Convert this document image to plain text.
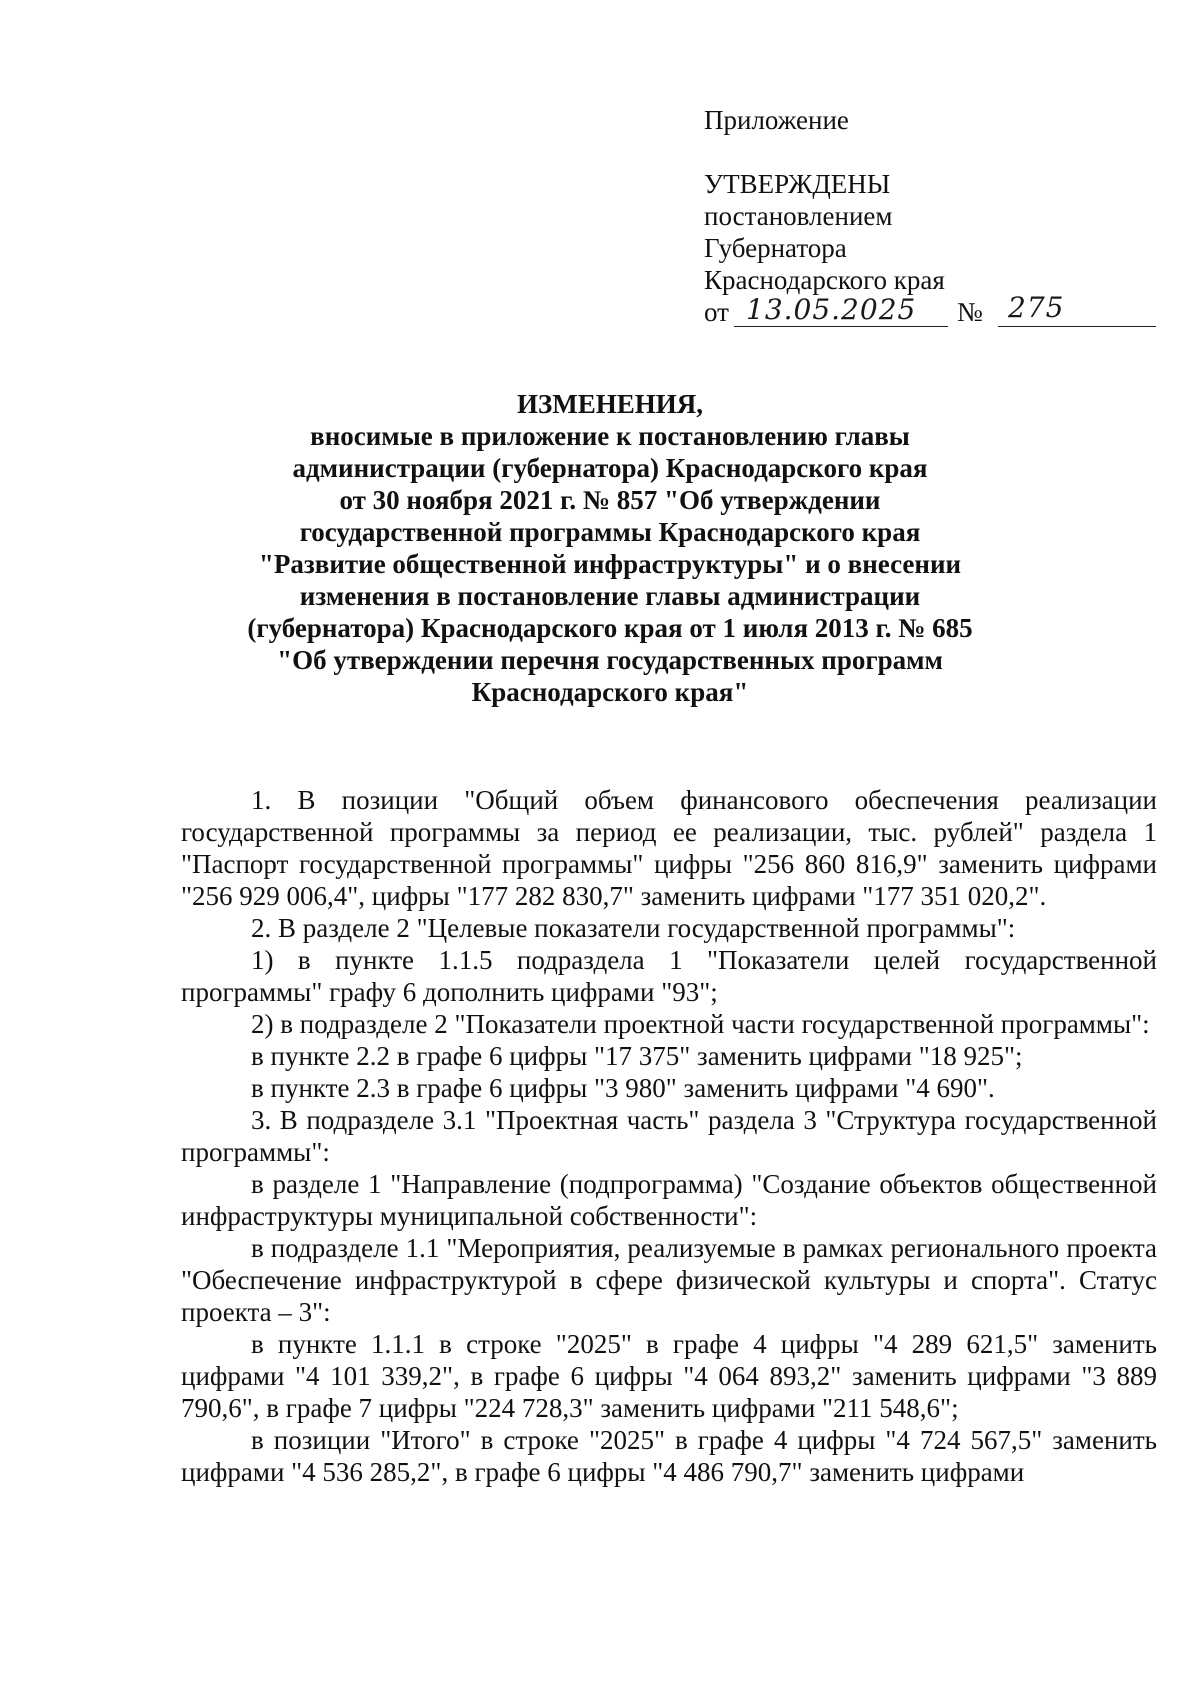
Приложение
УТВЕРЖДЕНЫ
постановлением
Губернатора
Краснодарского края
от 13.05.2025 № 275
ИЗМЕНЕНИЯ,
вносимые в приложение к постановлению главы
администрации (губернатора) Краснодарского края
от 30 ноября 2021 г. № 857 "Об утверждении
государственной программы Краснодарского края
"Развитие общественной инфраструктуры" и о внесении
изменения в постановление главы администрации
(губернатора) Краснодарского края от 1 июля 2013 г. № 685
"Об утверждении перечня государственных программ
Краснодарского края"

1. В позиции "Общий объем финансового обеспечения реализации государственной программы за период ее реализации, тыс. рублей" раздела 1 "Паспорт государственной программы" цифры "256 860 816,9" заменить цифрами "256 929 006,4", цифры "177 282 830,7" заменить цифрами "177 351 020,2".

2. В разделе 2 "Целевые показатели государственной программы":

1) в пункте 1.1.5 подраздела 1 "Показатели целей государственной программы" графу 6 дополнить цифрами "93";

2) в подразделе 2 "Показатели проектной части государственной программы":

в пункте 2.2 в графе 6 цифры "17 375" заменить цифрами "18 925";

в пункте 2.3 в графе 6 цифры "3 980" заменить цифрами "4 690".

3. В подразделе 3.1 "Проектная часть" раздела 3 "Структура государственной программы":

в разделе 1 "Направление (подпрограмма) "Создание объектов общественной инфраструктуры муниципальной собственности":

в подразделе 1.1 "Мероприятия, реализуемые в рамках регионального проекта "Обеспечение инфраструктурой в сфере физической культуры и спорта". Статус проекта – 3":

в пункте 1.1.1 в строке "2025" в графе 4 цифры "4 289 621,5" заменить цифрами "4 101 339,2", в графе 6 цифры "4 064 893,2" заменить цифрами "3 889 790,6", в графе 7 цифры "224 728,3" заменить цифрами "211 548,6";

в позиции "Итого" в строке "2025" в графе 4 цифры "4 724 567,5" заменить цифрами "4 536 285,2", в графе 6 цифры "4 486 790,7" заменить цифрами
